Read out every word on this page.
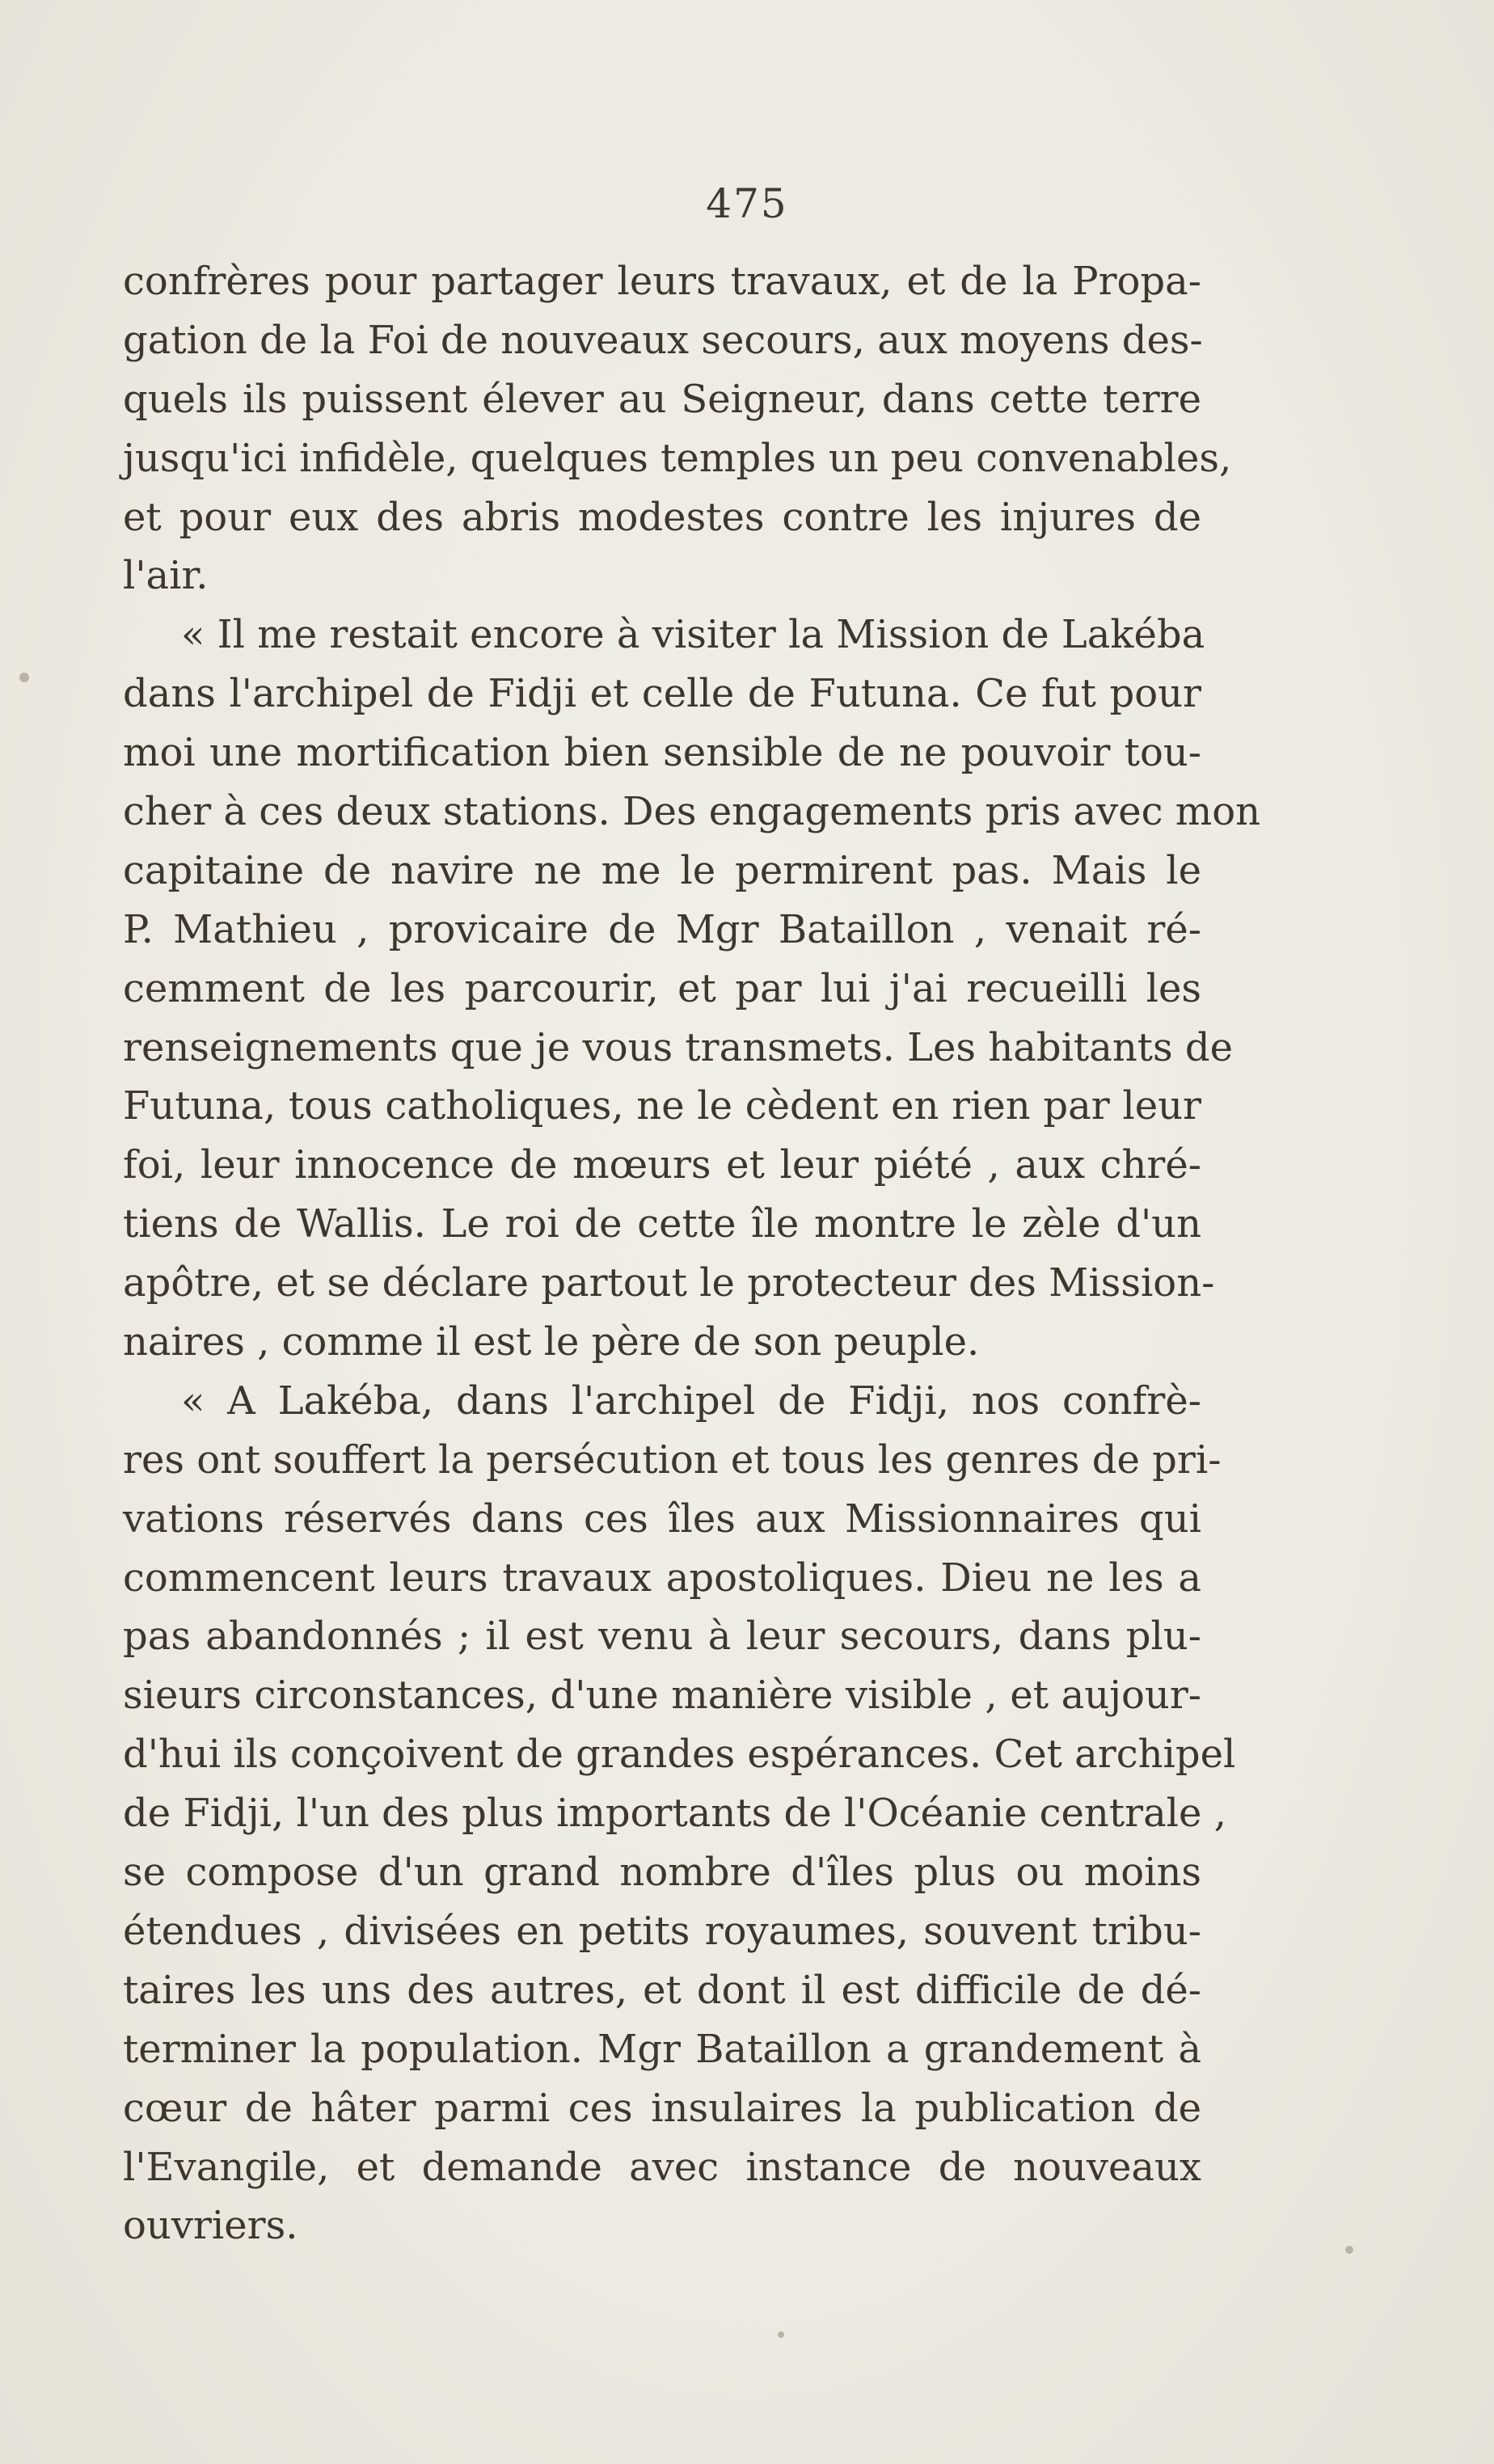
475
confrères pour partager leurs travaux, et de la Propa-
gation de la Foi de nouveaux secours, aux moyens des-
quels ils puissent élever au Seigneur, dans cette terre
jusqu'ici infidèle, quelques temples un peu convenables,
et pour eux des abris modestes contre les injures de
l'air.
« Il me restait encore à visiter la Mission de Lakéba
dans l'archipel de Fidji et celle de Futuna. Ce fut pour
moi une mortification bien sensible de ne pouvoir tou-
cher à ces deux stations. Des engagements pris avec mon
capitaine de navire ne me le permirent pas. Mais le
P. Mathieu , provicaire de Mgr Bataillon , venait ré-
cemment de les parcourir, et par lui j'ai recueilli les
renseignements que je vous transmets. Les habitants de
Futuna, tous catholiques, ne le cèdent en rien par leur
foi, leur innocence de mœurs et leur piété , aux chré-
tiens de Wallis. Le roi de cette île montre le zèle d'un
apôtre, et se déclare partout le protecteur des Mission-
naires , comme il est le père de son peuple.
« A Lakéba, dans l'archipel de Fidji, nos confrè-
res ont souffert la persécution et tous les genres de pri-
vations réservés dans ces îles aux Missionnaires qui
commencent leurs travaux apostoliques. Dieu ne les a
pas abandonnés ; il est venu à leur secours, dans plu-
sieurs circonstances, d'une manière visible , et aujour-
d'hui ils conçoivent de grandes espérances. Cet archipel
de Fidji, l'un des plus importants de l'Océanie centrale ,
se compose d'un grand nombre d'îles plus ou moins
étendues , divisées en petits royaumes, souvent tribu-
taires les uns des autres, et dont il est difficile de dé-
terminer la population. Mgr Bataillon a grandement à
cœur de hâter parmi ces insulaires la publication de
l'Evangile, et demande avec instance de nouveaux
ouvriers.
